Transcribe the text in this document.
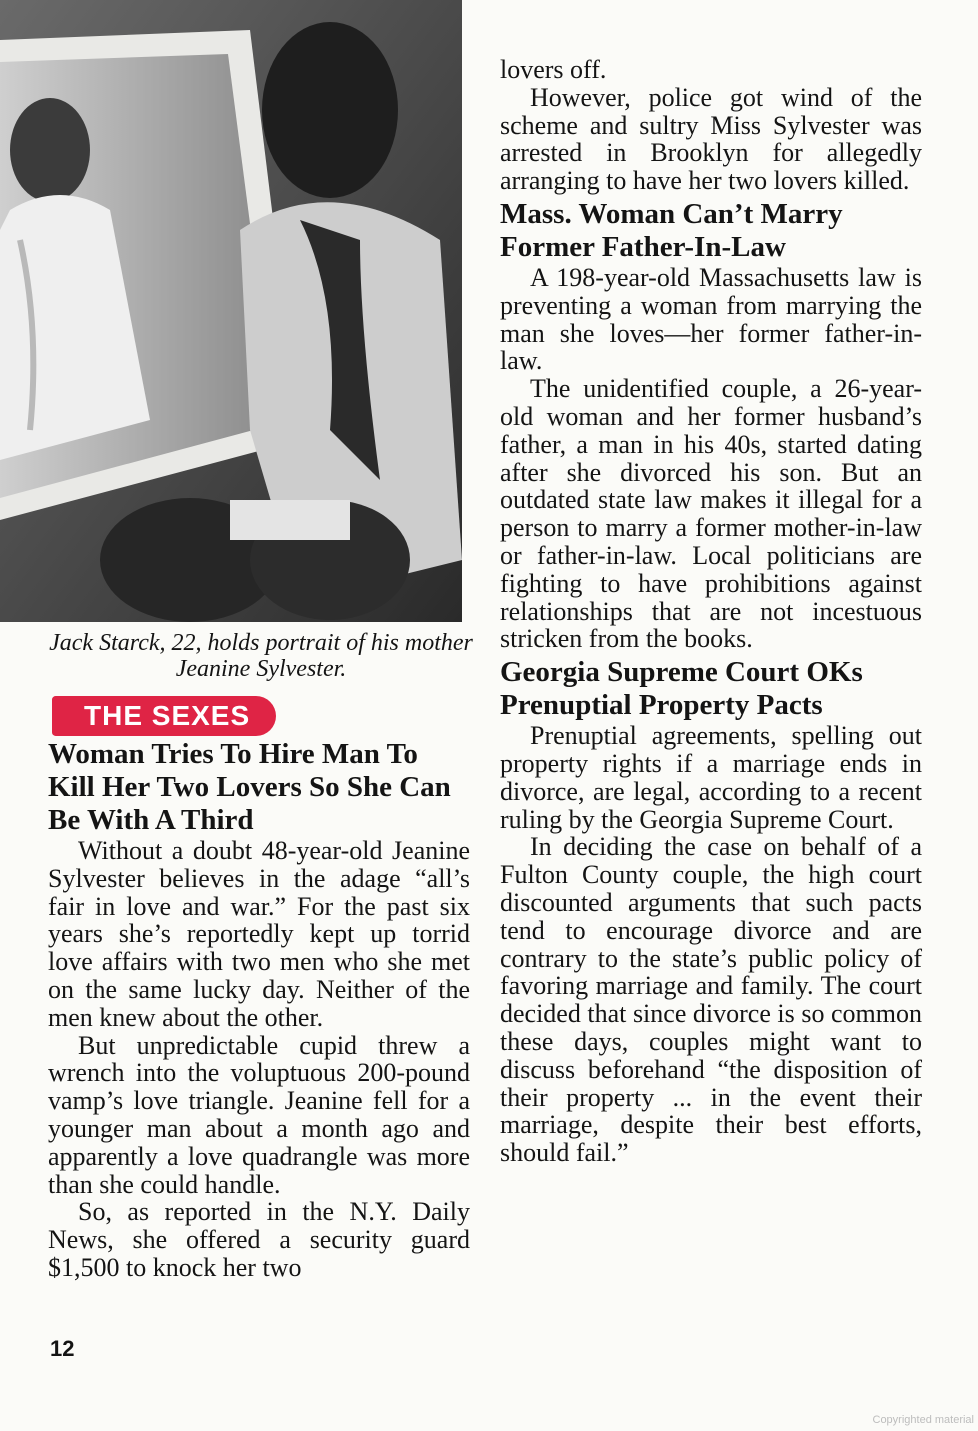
Jack Starck, 22, holds portrait of his mother Jeanine Sylvester.

THE SEXES
Woman Tries To Hire Man To Kill Her Two Lovers So She Can Be With A Third

Without a doubt 48-year-old Jeanine Sylvester believes in the adage “all’s fair in love and war.” For the past six years she’s reportedly kept up torrid love affairs with two men who she met on the same lucky day. Neither of the men knew about the other.

But unpredictable cupid threw a wrench into the voluptuous 200-pound vamp’s love triangle. Jeanine fell for a younger man about a month ago and apparently a love quadrangle was more than she could handle.

So, as reported in the N.Y. Daily News, she offered a security guard $1,500 to knock her two

lovers off.

However, police got wind of the scheme and sultry Miss Sylvester was arrested in Brooklyn for allegedly arranging to have her two lovers killed.

Mass. Woman Can’t Marry Former Father-In-Law

A 198-year-old Massachusetts law is preventing a woman from marrying the man she loves—her former father-in-law.

The unidentified couple, a 26-year-old woman and her former husband’s father, a man in his 40s, started dating after she divorced his son. But an outdated state law makes it illegal for a person to marry a former mother-in-law or father-in-law. Local politicians are fighting to have prohibitions against relationships that are not incestuous stricken from the books.

Georgia Supreme Court OKs Prenuptial Property Pacts

Prenuptial agreements, spelling out property rights if a marriage ends in divorce, are legal, according to a recent ruling by the Georgia Supreme Court.

In deciding the case on behalf of a Fulton County couple, the high court discounted arguments that such pacts tend to encourage divorce and are contrary to the state’s public policy of favoring marriage and family. The court decided that since divorce is so common these days, couples might want to discuss beforehand “the disposition of their property ... in the event their marriage, despite their best efforts, should fail.”

12

Copyrighted material
